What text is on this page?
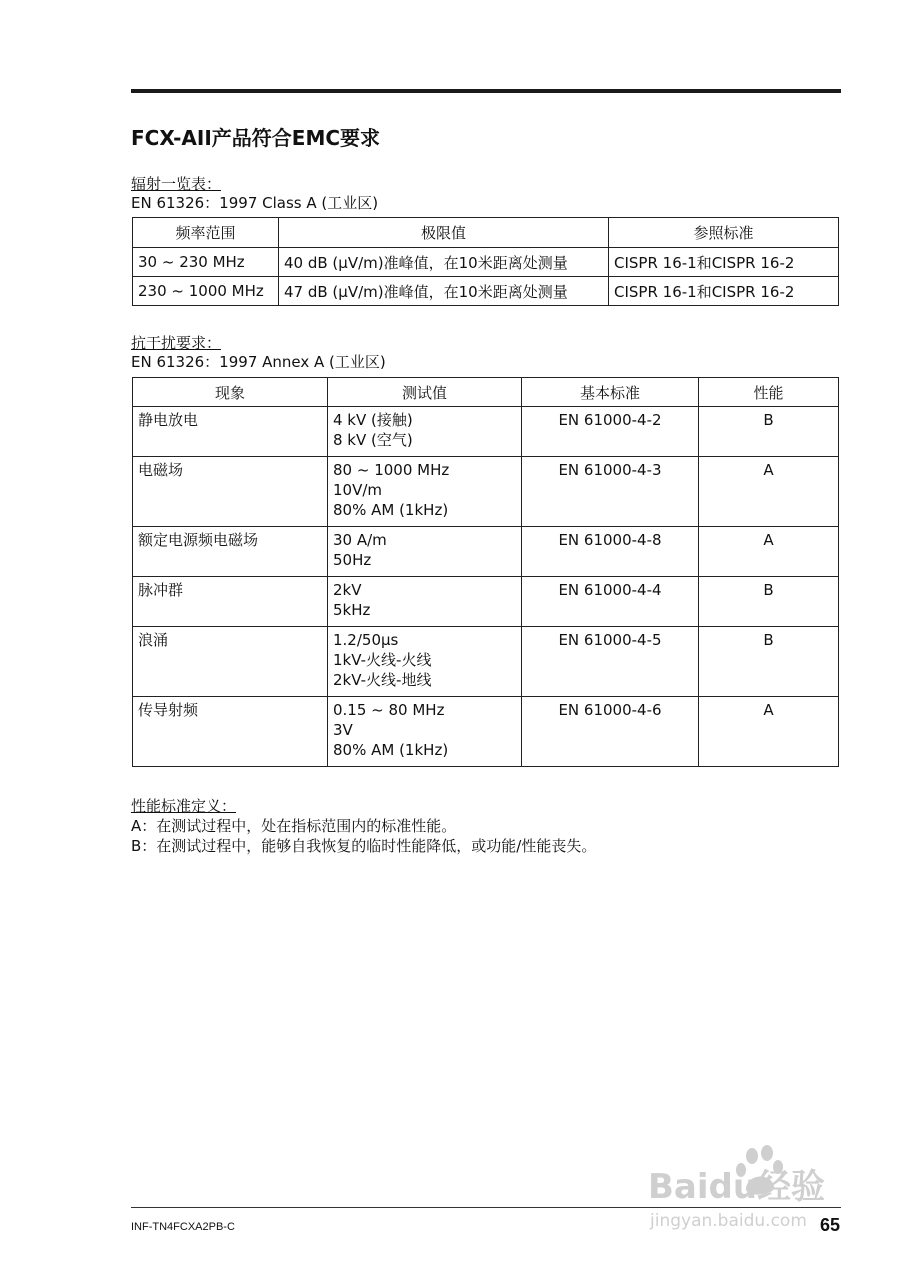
FCX-AII产品符合EMC要求
辐射一览表：
EN 61326：1997 Class A (工业区)
频率范围	极限值	参照标准
30 ~ 230 MHz	40 dB (μV/m)准峰值，在10米距离处测量	CISPR 16-1和CISPR 16-2
230 ~ 1000 MHz	47 dB (μV/m)准峰值，在10米距离处测量	CISPR 16-1和CISPR 16-2
抗干扰要求：
EN 61326：1997 Annex A (工业区)
现象	测试值	基本标准	性能
静电放电	4 kV (接触)
8 kV (空气)	EN 61000-4-2	B
电磁场	80 ~ 1000 MHz
10V/m
80% AM (1kHz)	EN 61000-4-3	A
额定电源频电磁场	30 A/m
50Hz	EN 61000-4-8	A
脉冲群	2kV
5kHz	EN 61000-4-4	B
浪涌	1.2/50μs
1kV-火线-火线
2kV-火线-地线	EN 61000-4-5	B
传导射频	0.15 ~ 80 MHz
3V
80% AM (1kHz)	EN 61000-4-6	A
性能标准定义：
A：在测试过程中，处在指标范围内的标准性能。
B：在测试过程中，能够自我恢复的临时性能降低，或功能/性能丧失。
Baidu经验
jingyan.baidu.com
INF-TN4FCXA2PB-C	65
